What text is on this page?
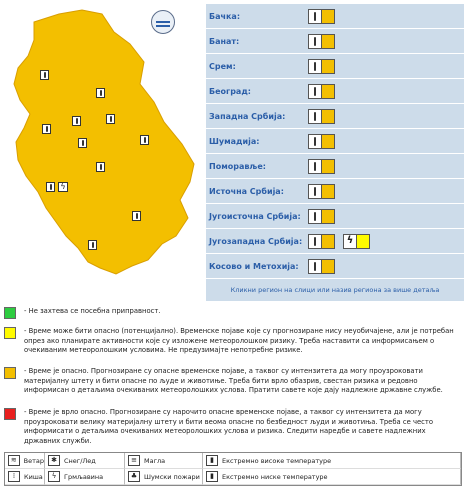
ϟ
Бачка:
Банат:
Срем:
Београд:
Западна Србија:
Шумадија:
Поморавље:
Источна Србија:
Југоисточна Србија:
Југозападна Србија:	ϟ
Косово и Метохија:
Кликни региoн на слици или назив региона за више детаља
- Не захтева се посебна приправност.
- Време може бити опасно (потенцијално). Временске појаве које су прогнозиране нису неуобичајене, али је потребан опрез ако планирате активности које су изложене метеоролошком ризику. Треба наставити са информисањем о очекиваним метеоролошким условима. Не предузимајте непотребне ризике.
- Време је опасно. Прогнозиране су опасне временске појаве, а таквог су интензитета да могу проузроковати материјалну штету и бити опасне по људе и животиње. Треба бити врло обазрив, свестан ризика и редовно информисан о детаљима очекиваних метеоролошких услова. Пратити савете које дају надлежне државне службе.
- Време је врло опасно. Прогнозиране су нарочито опасне временске појаве, а таквог су интензитета да могу проузроковати велику материјалну штету и бити веома опасне по безбедност људи и животиња. Треба се често информисати о детаљима очекиваних метеоролошких услова и ризика. Следити наредбе и савете надлежних државних служби.
≋	Ветар	✱	Снег/Лед	≡	Магла	▮	Екстремно високе температуре
⁞	Киша	ϟ	Грмљавина	♣	Шумски пожари	▮	Екстремно ниске температуре
